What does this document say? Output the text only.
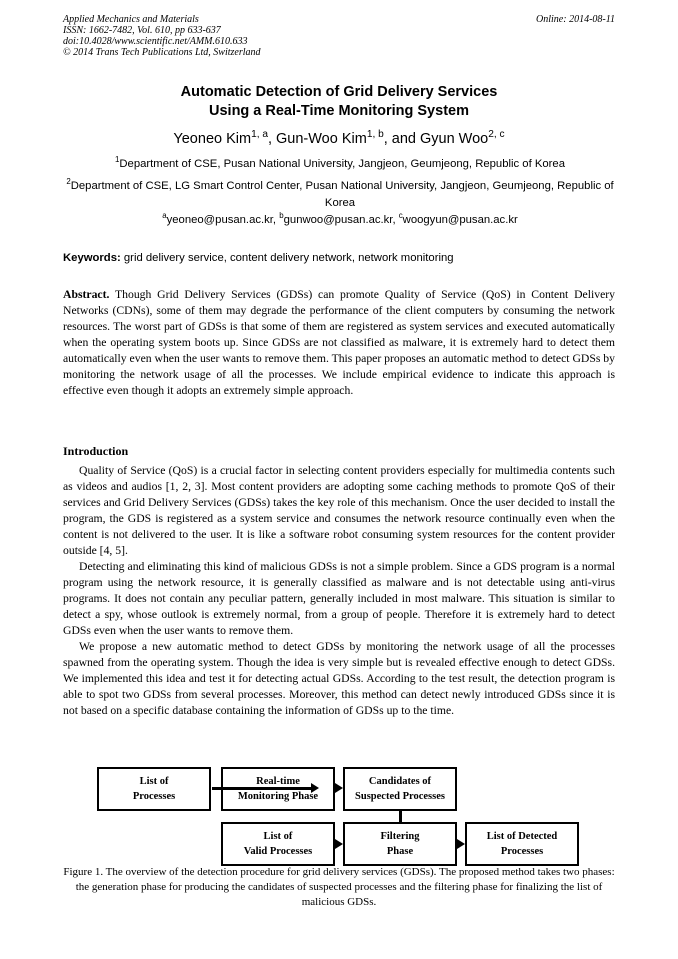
Applied Mechanics and Materials
ISSN: 1662-7482, Vol. 610, pp 633-637
doi:10.4028/www.scientific.net/AMM.610.633
© 2014 Trans Tech Publications Ltd, Switzerland
Online: 2014-08-11
Automatic Detection of Grid Delivery Services
Using a Real-Time Monitoring System
Yeoneo Kim$^{1, a}$, Gun-Woo Kim$^{1, b}$, and Gyun Woo$^{2, c}$
$^1$Department of CSE, Pusan National University, Jangjeon, Geumjeong, Republic of Korea
$^2$Department of CSE, LG Smart Control Center, Pusan National University, Jangjeon, Geumjeong, Republic of Korea
$^a$yeoneo@pusan.ac.kr, $^b$gunwoo@pusan.ac.kr, $^c$woogyun@pusan.ac.kr
Keywords: grid delivery service, content delivery network, network monitoring
Abstract. Though Grid Delivery Services (GDSs) can promote Quality of Service (QoS) in Content Delivery Networks (CDNs), some of them may degrade the performance of the client computers by consuming the network resources. The worst part of GDSs is that some of them are registered as system services and executed automatically when the operating system boots up. Since GDSs are not classified as malware, it is extremely hard to detect them automatically even when the user wants to remove them. This paper proposes an automatic method to detect GDSs by monitoring the network usage of all the processes. We include empirical evidence to indicate this approach is effective even though it adopts an extremely simple approach.
Introduction

Quality of Service (QoS) is a crucial factor in selecting content providers especially for multimedia contents such as videos and audios [1, 2, 3]. Most content providers are adopting some caching methods to promote QoS of their services and Grid Delivery Services (GDSs) takes the key role of this mechanism. Once the user decided to install the program, the GDS is registered as a system service and consumes the network resource continually even when the content is not delivered to the user. It is like a software robot consuming system resources for the content provider outside [4, 5].

Detecting and eliminating this kind of malicious GDSs is not a simple problem. Since a GDS program is a normal program using the network resource, it is generally classified as malware and is not detectable using anti-virus programs. It does not contain any peculiar pattern, generally included in most malware. This situation is similar to detect a spy, whose outlook is extremely normal, from a group of people. Therefore it is extremely hard to detect GDSs even when the user wants to remove them.

We propose a new automatic method to detect GDSs by monitoring the network usage of all the processes spawned from the operating system. Though the idea is very simple but is revealed effective enough to detect GDSs. We implemented this idea and test it for detecting actual GDSs. According to the test result, the detection program is able to spot two GDSs from several processes. Moreover, this method can detect newly introduced GDSs since it is not based on a specific database containing the information of GDSs up to the time.

List of
Processes
Real-time
Monitoring Phase
Candidates of
Suspected Processes
List of
Valid Processes
Filtering
Phase
List of Detected
Processes
Figure 1. The overview of the detection procedure for grid delivery services (GDSs). The proposed method takes two phases: the generation phase for producing the candidates of suspected processes and the filtering phase for finalizing the list of malicious GDSs.
